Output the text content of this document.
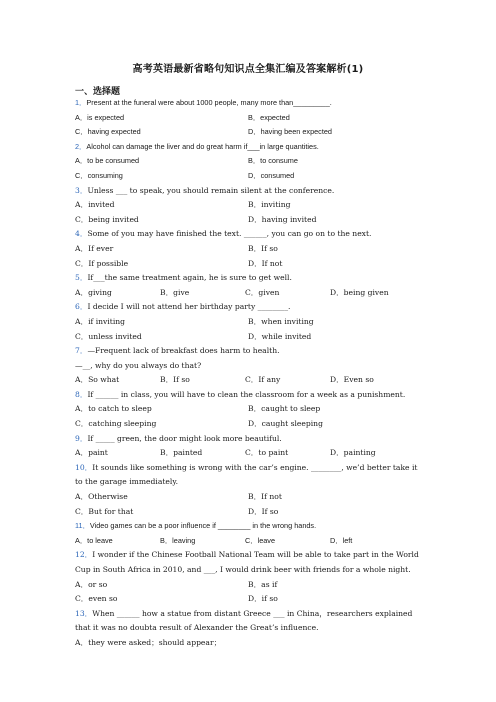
高考英语最新省略句知识点全集汇编及答案解析(1)
一、选择题
1．Present at the funeral were about 1000 people, many more than_________.
A．is expected	B．expected
C．having expected	D．having been expected
2．Alcohol can damage the liver and do great harm if___in large quantities.
A．to be consumed	B．to consume
C．consuming	D．consumed
3．Unless ___ to speak, you should remain silent at the conference.
A．invited	B．inviting
C．being invited	D．having invited
4．Some of you may have finished the text. ______, you can go on to the next.
A．If ever	B．If so
C．If possible	D．If not
5．If___the same treatment again, he is sure to get well.
A．giving	B．give	C．given	D．being given
6．I decide I will not attend her birthday party ________.
A．if inviting	B．when inviting
C．unless invited	D．while invited
7．—Frequent lack of breakfast does harm to health.
—__, why do you always do that?
A．So what	B．If so	C．If any	D．Even so
8．If ______ in class, you will have to clean the classroom for a week as a punishment.
A．to catch to sleep	B．caught to sleep
C．catching sleeping	D．caught sleeping
9．If _____ green, the door might look more beautiful.
A．paint	B．painted	C．to paint	D．painting
10．It sounds like something is wrong with the car’s engine. ________, we’d better take it to the garage immediately.
A．Otherwise	B．If not
C．But for that	D．If so
11．Video games can be a poor influence if ________ in the wrong hands.
A．to leave	B．leaving	C．leave	D．left
12．I wonder if the Chinese Football National Team will be able to take part in the World Cup in South Africa in 2010, and ___, I would drink beer with friends for a whole night.
A．or so	B．as if
C．even so	D．if so
13．When ______ how a statue from distant Greece ___ in China，researchers explained that it was no doubta result of Alexander the Great’s influence.
A．they were asked；should appear；
